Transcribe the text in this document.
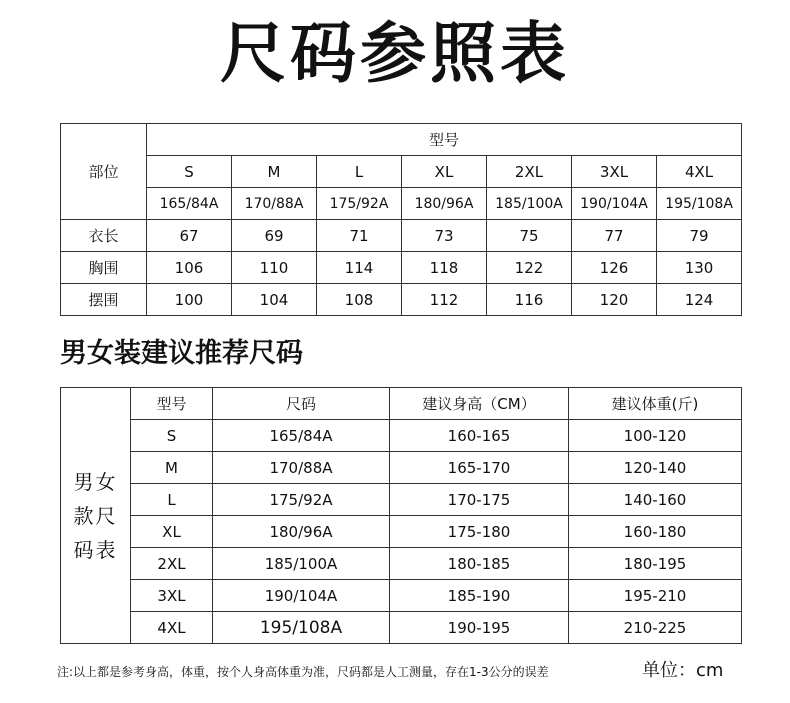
尺码参照表
部位	型号						
	S	M	L	XL	2XL	3XL	4XL
	165/84A	170/88A	175/92A	180/96A	185/100A	190/104A	195/108A
衣长	67	69	71	73	75	77	79
胸围	106	110	114	118	122	126	130
摆围	100	104	108	112	116	120	124
男女装建议推荐尺码
男女
款尺
码表	型号	尺码	建议身高（CM）	建议体重(斤)
	S	165/84A	160-165	100-120
	M	170/88A	165-170	120-140
	L	175/92A	170-175	140-160
	XL	180/96A	175-180	160-180
	2XL	185/100A	180-185	180-195
	3XL	190/104A	185-190	195-210
	4XL	195/108A	190-195	210-225
注:以上都是参考身高，体重，按个人身高体重为准，尺码都是人工测量，存在1-3公分的误差	单位：cm
